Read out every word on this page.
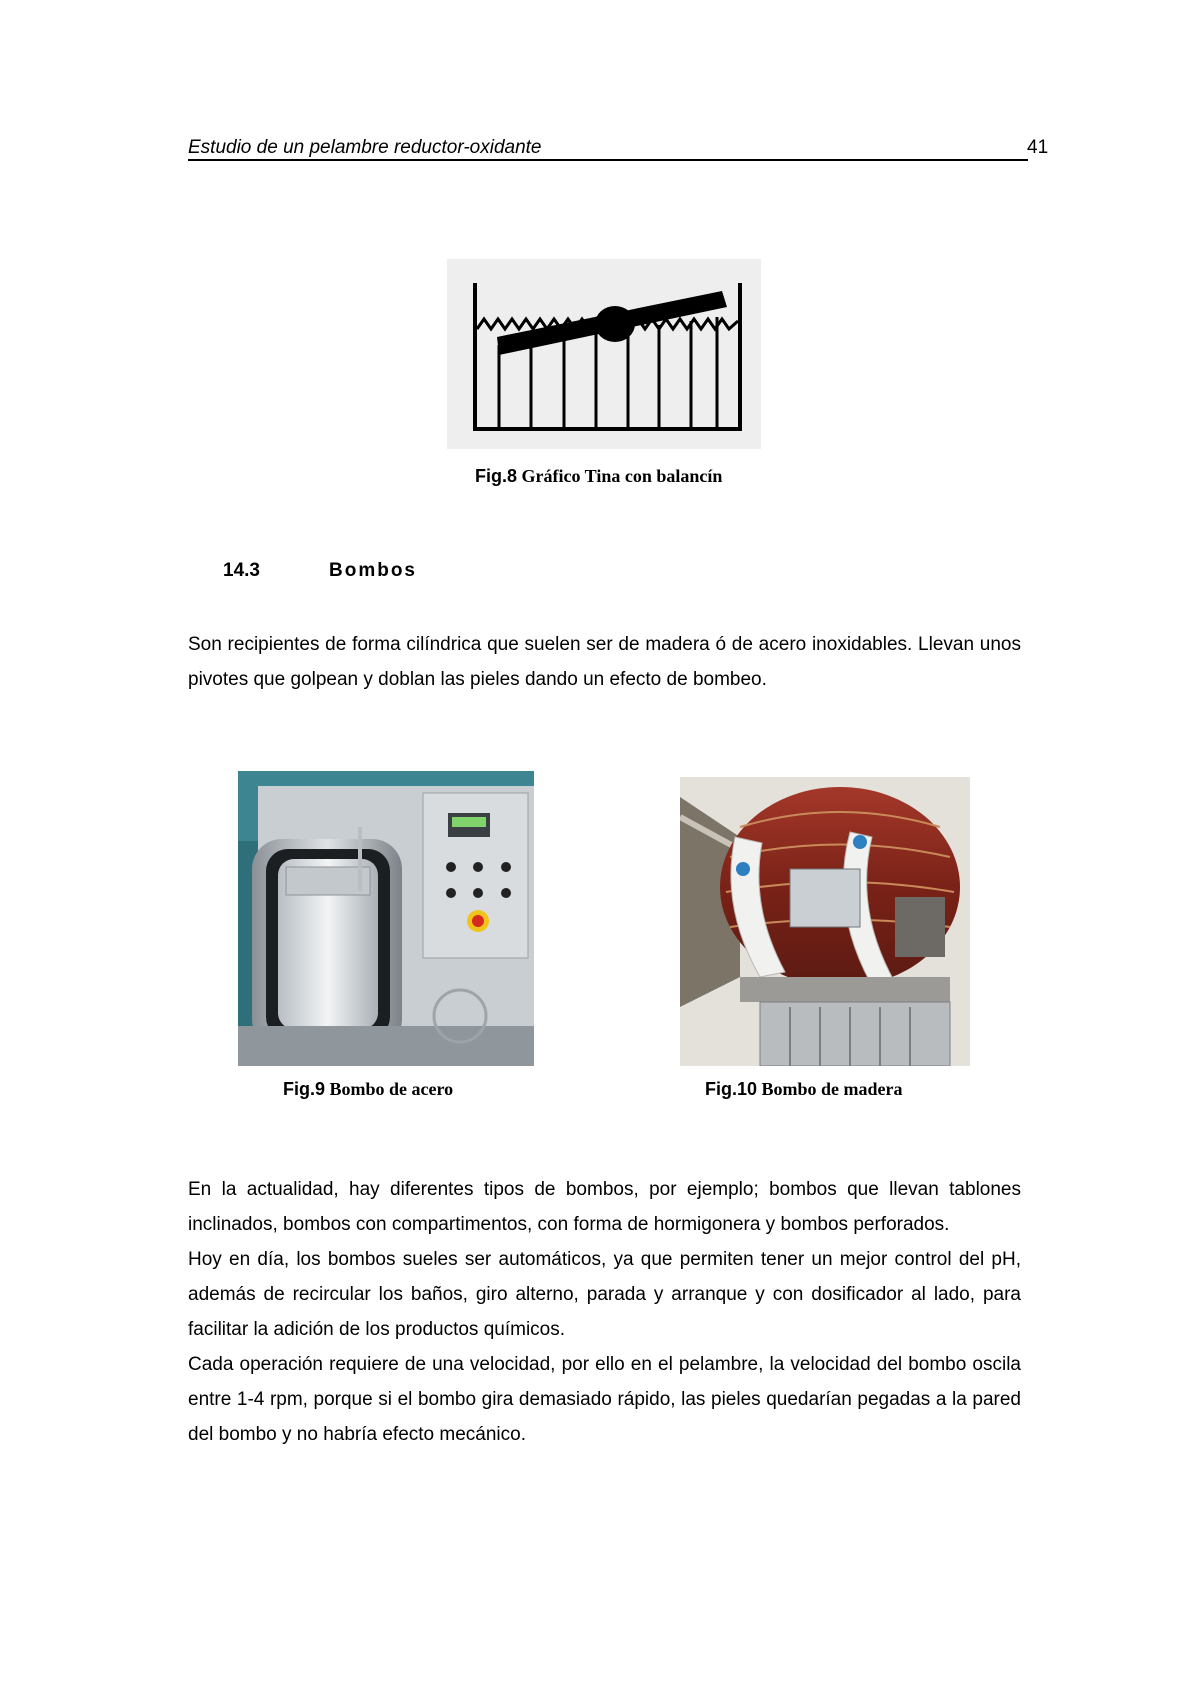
Estudio de un pelambre reductor-oxidante	41
Fig.8 Gráfico Tina con balancín
14.3	Bombos
Son recipientes de forma cilíndrica que suelen ser de madera ó de acero inoxidables. Llevan unos pivotes que golpean y doblan las pieles dando un efecto de bombeo.
Fig.9 Bombo de acero	Fig.10 Bombo de madera

En la actualidad, hay diferentes tipos de bombos, por ejemplo; bombos que llevan tablones inclinados, bombos con compartimentos, con forma de hormigonera y bombos perforados.

Hoy en día, los bombos sueles ser automáticos, ya que permiten tener un mejor control del pH, además de recircular los baños, giro alterno, parada y arranque y con dosificador al lado, para facilitar la adición de los productos químicos.

Cada operación requiere de una velocidad, por ello en el pelambre, la velocidad del bombo oscila entre 1-4 rpm, porque si el bombo gira demasiado rápido, las pieles quedarían pegadas a la pared del bombo y no habría efecto mecánico.
